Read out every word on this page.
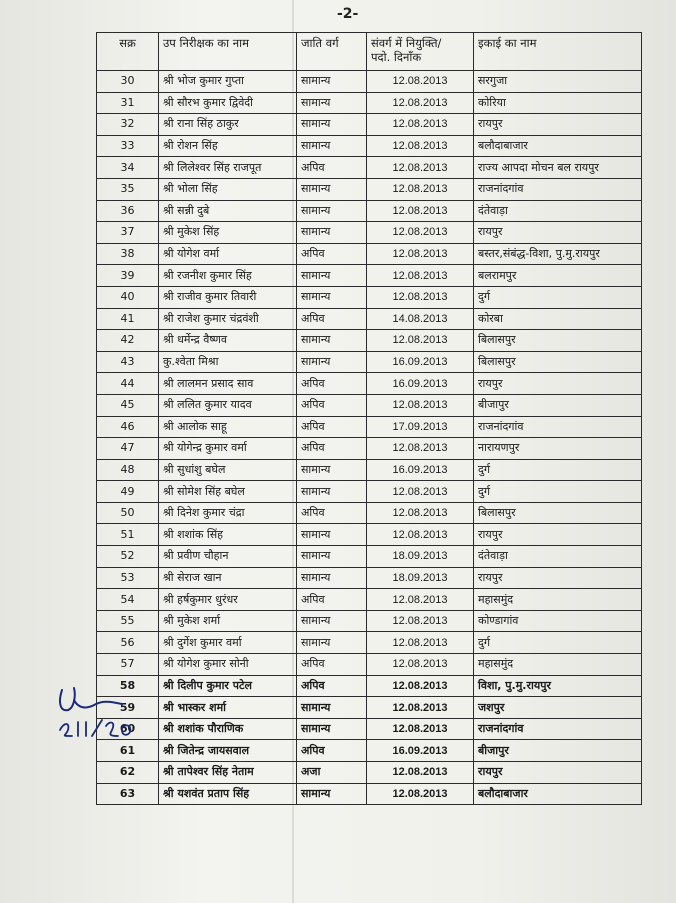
-2-
सक्र	उप निरीक्षक का नाम	जाति वर्ग	संवर्ग में नियुक्ति/
पदो. दिनाँक	इकाई का नाम
30	श्री भोज कुमार गुप्ता	सामान्य	12.08.2013	सरगुजा
31	श्री सौरभ कुमार द्विवेदी	सामान्य	12.08.2013	कोरिया
32	श्री राना सिंह ठाकुर	सामान्य	12.08.2013	रायपुर
33	श्री रोशन सिंह	सामान्य	12.08.2013	बलौदाबाजार
34	श्री लिलेश्वर सिंह राजपूत	अपिव	12.08.2013	राज्य आपदा मोचन बल रायपुर
35	श्री भोला सिंह	सामान्य	12.08.2013	राजनांदगांव
36	श्री सन्नी दुबे	सामान्य	12.08.2013	दंतेवाड़ा
37	श्री मुकेश सिंह	सामान्य	12.08.2013	रायपुर
38	श्री योगेश वर्मा	अपिव	12.08.2013	बस्तर,संबंद्ध-विशा, पु.मु.रायपुर
39	श्री रजनीश कुमार सिंह	सामान्य	12.08.2013	बलरामपुर
40	श्री राजीव कुमार तिवारी	सामान्य	12.08.2013	दुर्ग
41	श्री राजेश कुमार चंद्रवंशी	अपिव	14.08.2013	कोरबा
42	श्री धर्मेन्द्र वैष्णव	सामान्य	12.08.2013	बिलासपुर
43	कु.श्वेता मिश्रा	सामान्य	16.09.2013	बिलासपुर
44	श्री लालमन प्रसाद साव	अपिव	16.09.2013	रायपुर
45	श्री ललित कुमार यादव	अपिव	12.08.2013	बीजापुर
46	श्री आलोक साहू	अपिव	17.09.2013	राजनांदगांव
47	श्री योगेन्द्र कुमार वर्मा	अपिव	12.08.2013	नारायणपुर
48	श्री सुधांशु बघेल	सामान्य	16.09.2013	दुर्ग
49	श्री सोमेश सिंह बघेल	सामान्य	12.08.2013	दुर्ग
50	श्री दिनेश कुमार चंद्रा	अपिव	12.08.2013	बिलासपुर
51	श्री शशांक सिंह	सामान्य	12.08.2013	रायपुर
52	श्री प्रवीण चौहान	सामान्य	18.09.2013	दंतेवाड़ा
53	श्री सेराज खान	सामान्य	18.09.2013	रायपुर
54	श्री हर्षकुमार धुरंधर	अपिव	12.08.2013	महासमुंद
55	श्री मुकेश शर्मा	सामान्य	12.08.2013	कोण्डागांव
56	श्री दुर्गेश कुमार वर्मा	सामान्य	12.08.2013	दुर्ग
57	श्री योगेश कुमार सोनी	अपिव	12.08.2013	महासमुंद
58	श्री दिलीप कुमार पटेल	अपिव	12.08.2013	विशा, पु.मु.रायपुर
59	श्री भास्कर शर्मा	सामान्य	12.08.2013	जशपुर
60	श्री शशांक पौराणिक	सामान्य	12.08.2013	राजनांदगांव
61	श्री जितेन्द्र जायसवाल	अपिव	16.09.2013	बीजापुर
62	श्री तापेश्वर सिंह नेताम	अजा	12.08.2013	रायपुर
63	श्री यशवंत प्रताप सिंह	सामान्य	12.08.2013	बलौदाबाजार
